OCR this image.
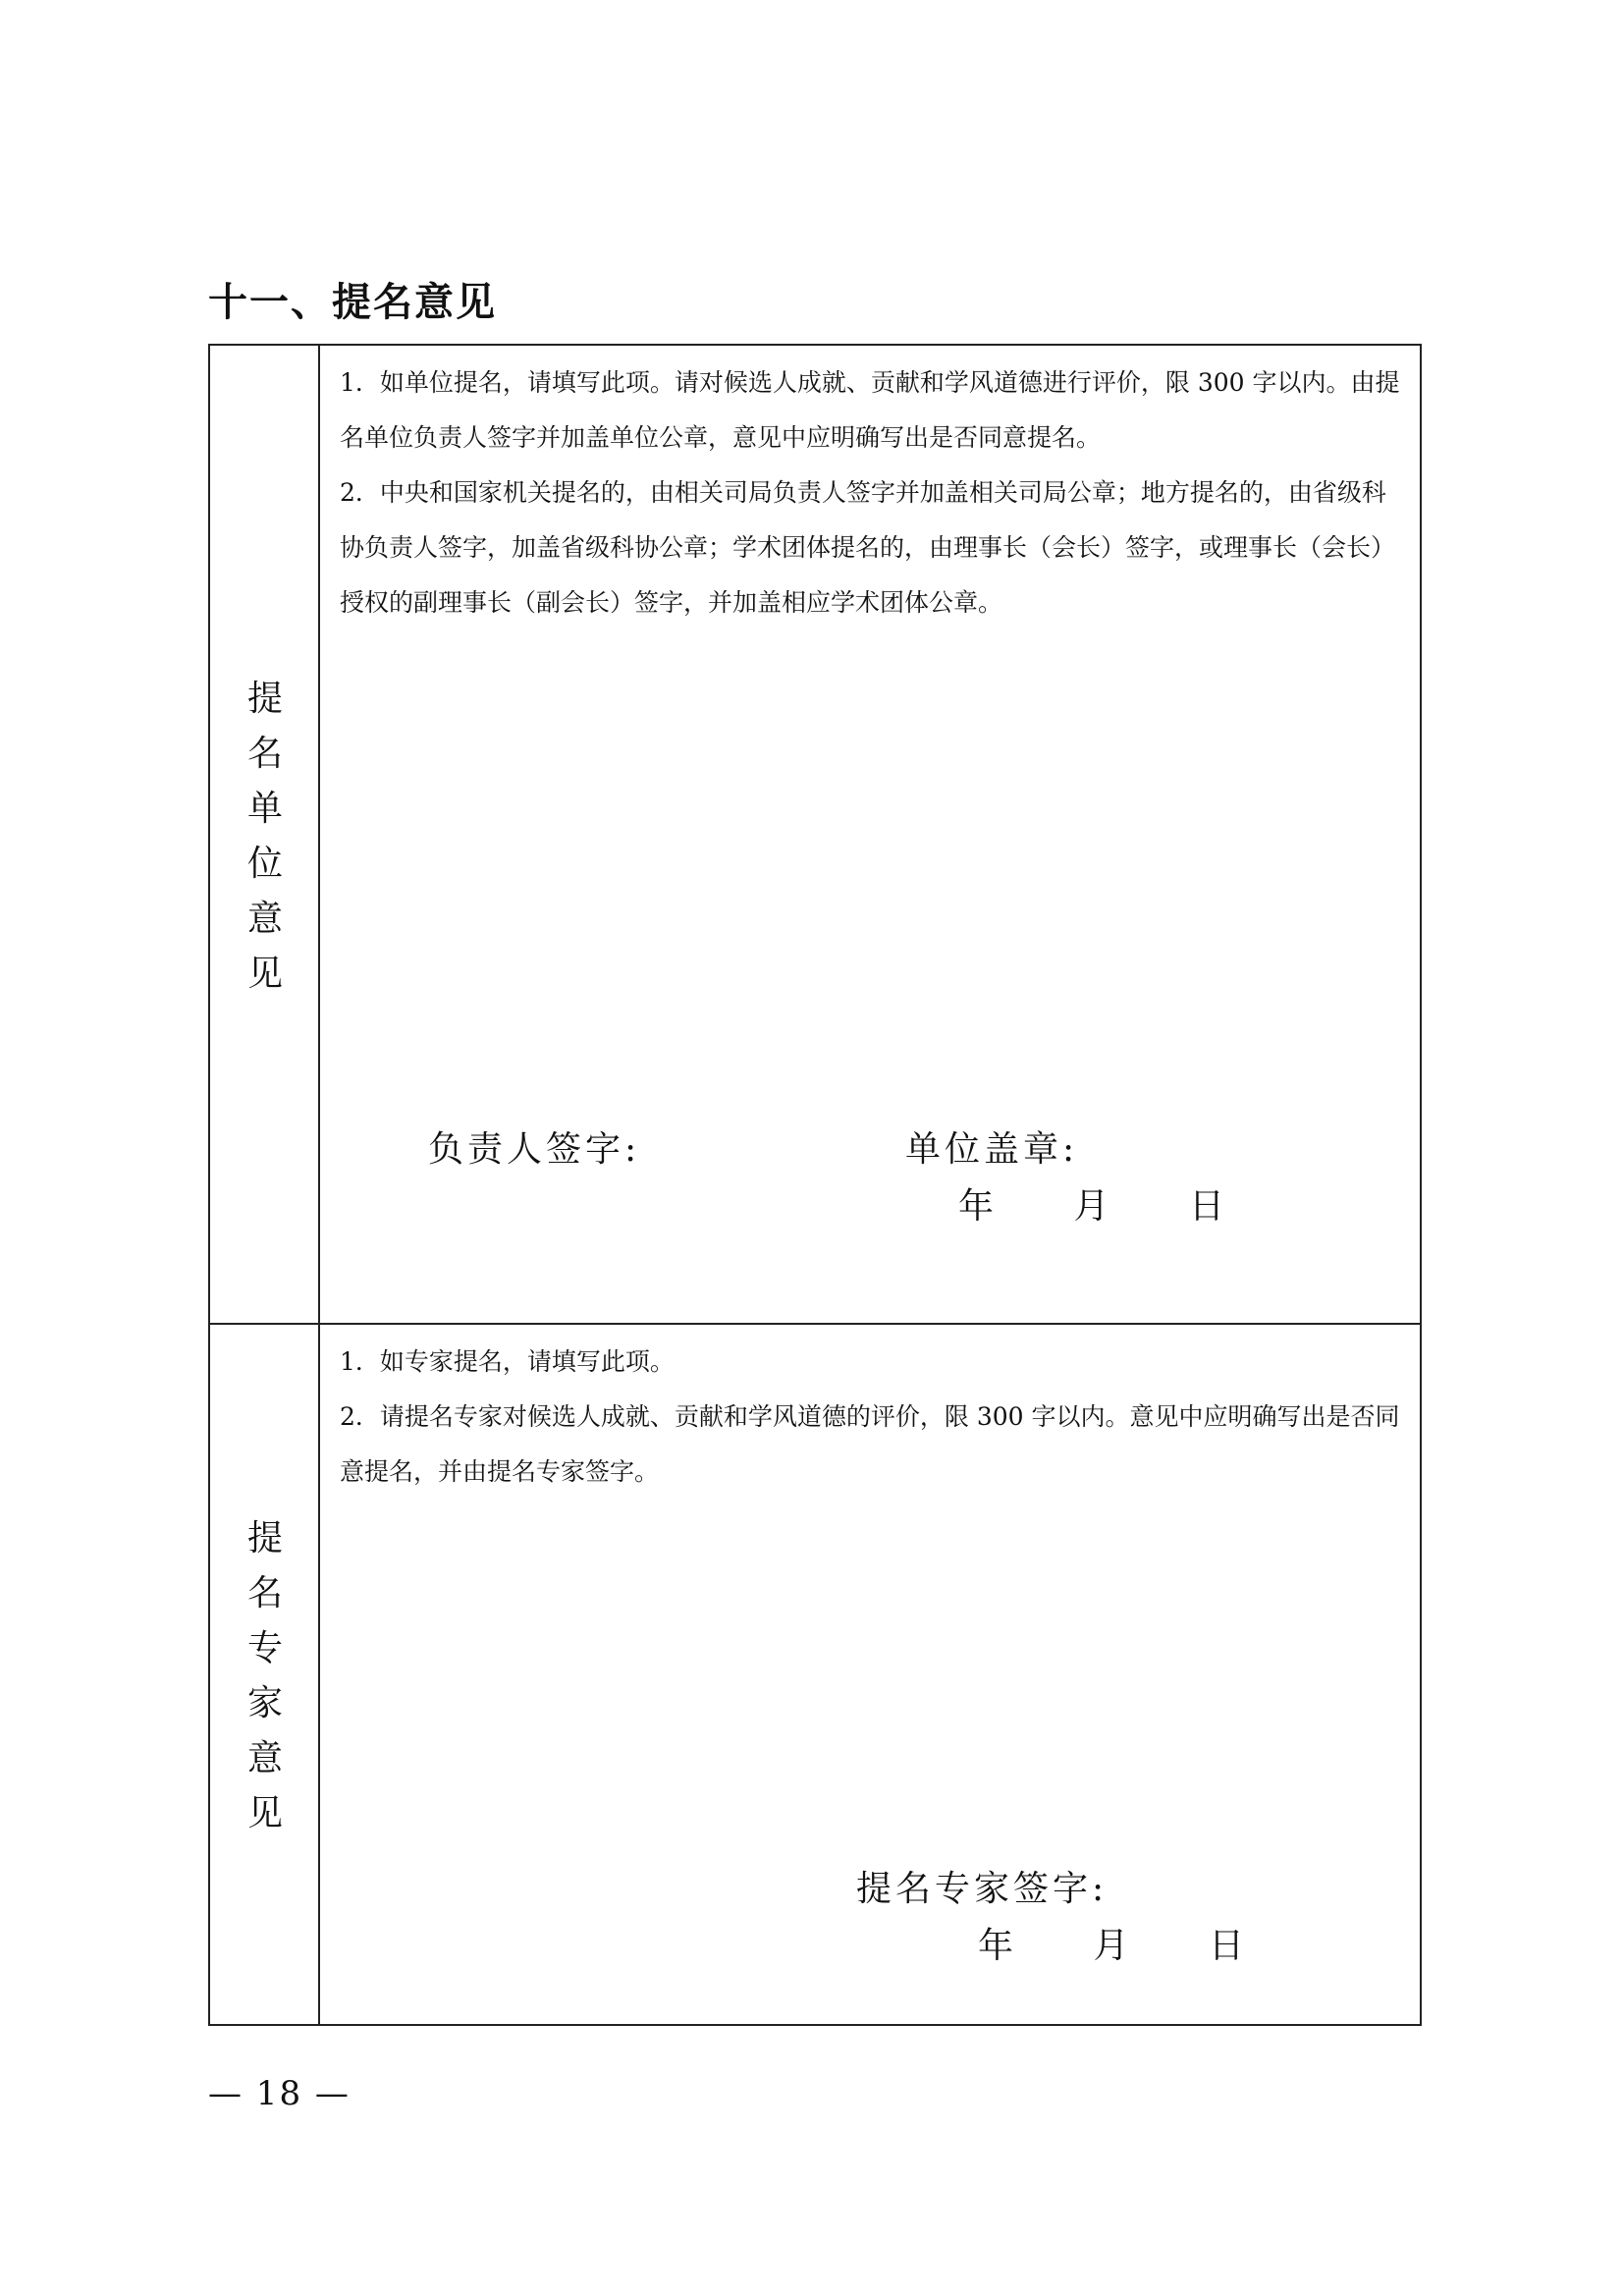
十一、提名意见
提
名
单
位
意
见

1．如单位提名，请填写此项。请对候选人成就、贡献和学风道德进行评价，限 300 字以内。由提名单位负责人签字并加盖单位公章，意见中应明确写出是否同意提名。

2．中央和国家机关提名的，由相关司局负责人签字并加盖相关司局公章；地方提名的，由省级科协负责人签字，加盖省级科协公章；学术团体提名的，由理事长（会长）签字，或理事长（会长）授权的副理事长（副会长）签字，并加盖相应学术团体公章。

负责人签字:	单位盖章:
年 月 日
提
名
专
家
意
见

1．如专家提名，请填写此项。

2．请提名专家对候选人成就、贡献和学风道德的评价，限 300 字以内。意见中应明确写出是否同意提名，并由提名专家签字。

提名专家签字:
年 月 日
— 18 —
